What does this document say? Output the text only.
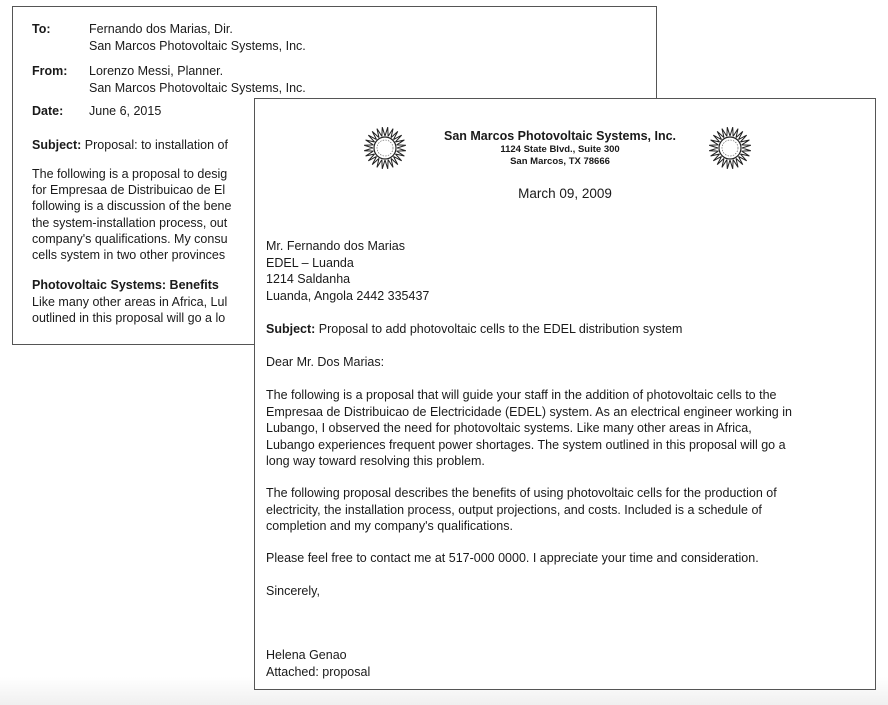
To:	Fernando dos Marias, Dir.
San Marcos Photovoltaic Systems, Inc.
From:	Lorenzo Messi, Planner.
San Marcos Photovoltaic Systems, Inc.
Date:	June 6, 2015
Subject: Proposal: to installation of
The following is a proposal to desig
for Empresaa de Distribuicao de El
following is a discussion of the bene
the system-installation process, out
company's qualifications. My consu
cells system in two other provinces
Photovoltaic Systems: Benefits
Like many other areas in Africa, Lul
outlined in this proposal will go a lo
San Marcos Photovoltaic Systems, Inc.
1124 State Blvd., Suite 300
San Marcos, TX 78666
March 09, 2009
Mr. Fernando dos Marias
EDEL – Luanda
1214 Saldanha
Luanda, Angola 2442 335437
Subject: Proposal to add photovoltaic cells to the EDEL distribution system
Dear Mr. Dos Marias:
The following is a proposal that will guide your staff in the addition of photovoltaic cells to the
Empresaa de Distribuicao de Electricidade (EDEL) system. As an electrical engineer working in
Lubango, I observed the need for photovoltaic systems. Like many other areas in Africa,
Lubango experiences frequent power shortages. The system outlined in this proposal will go a
long way toward resolving this problem.
The following proposal describes the benefits of using photovoltaic cells for the production of
electricity, the installation process, output projections, and costs. Included is a schedule of
completion and my company's qualifications.
Please feel free to contact me at 517-000 0000. I appreciate your time and consideration.
Sincerely,
Helena Genao
Attached: proposal
